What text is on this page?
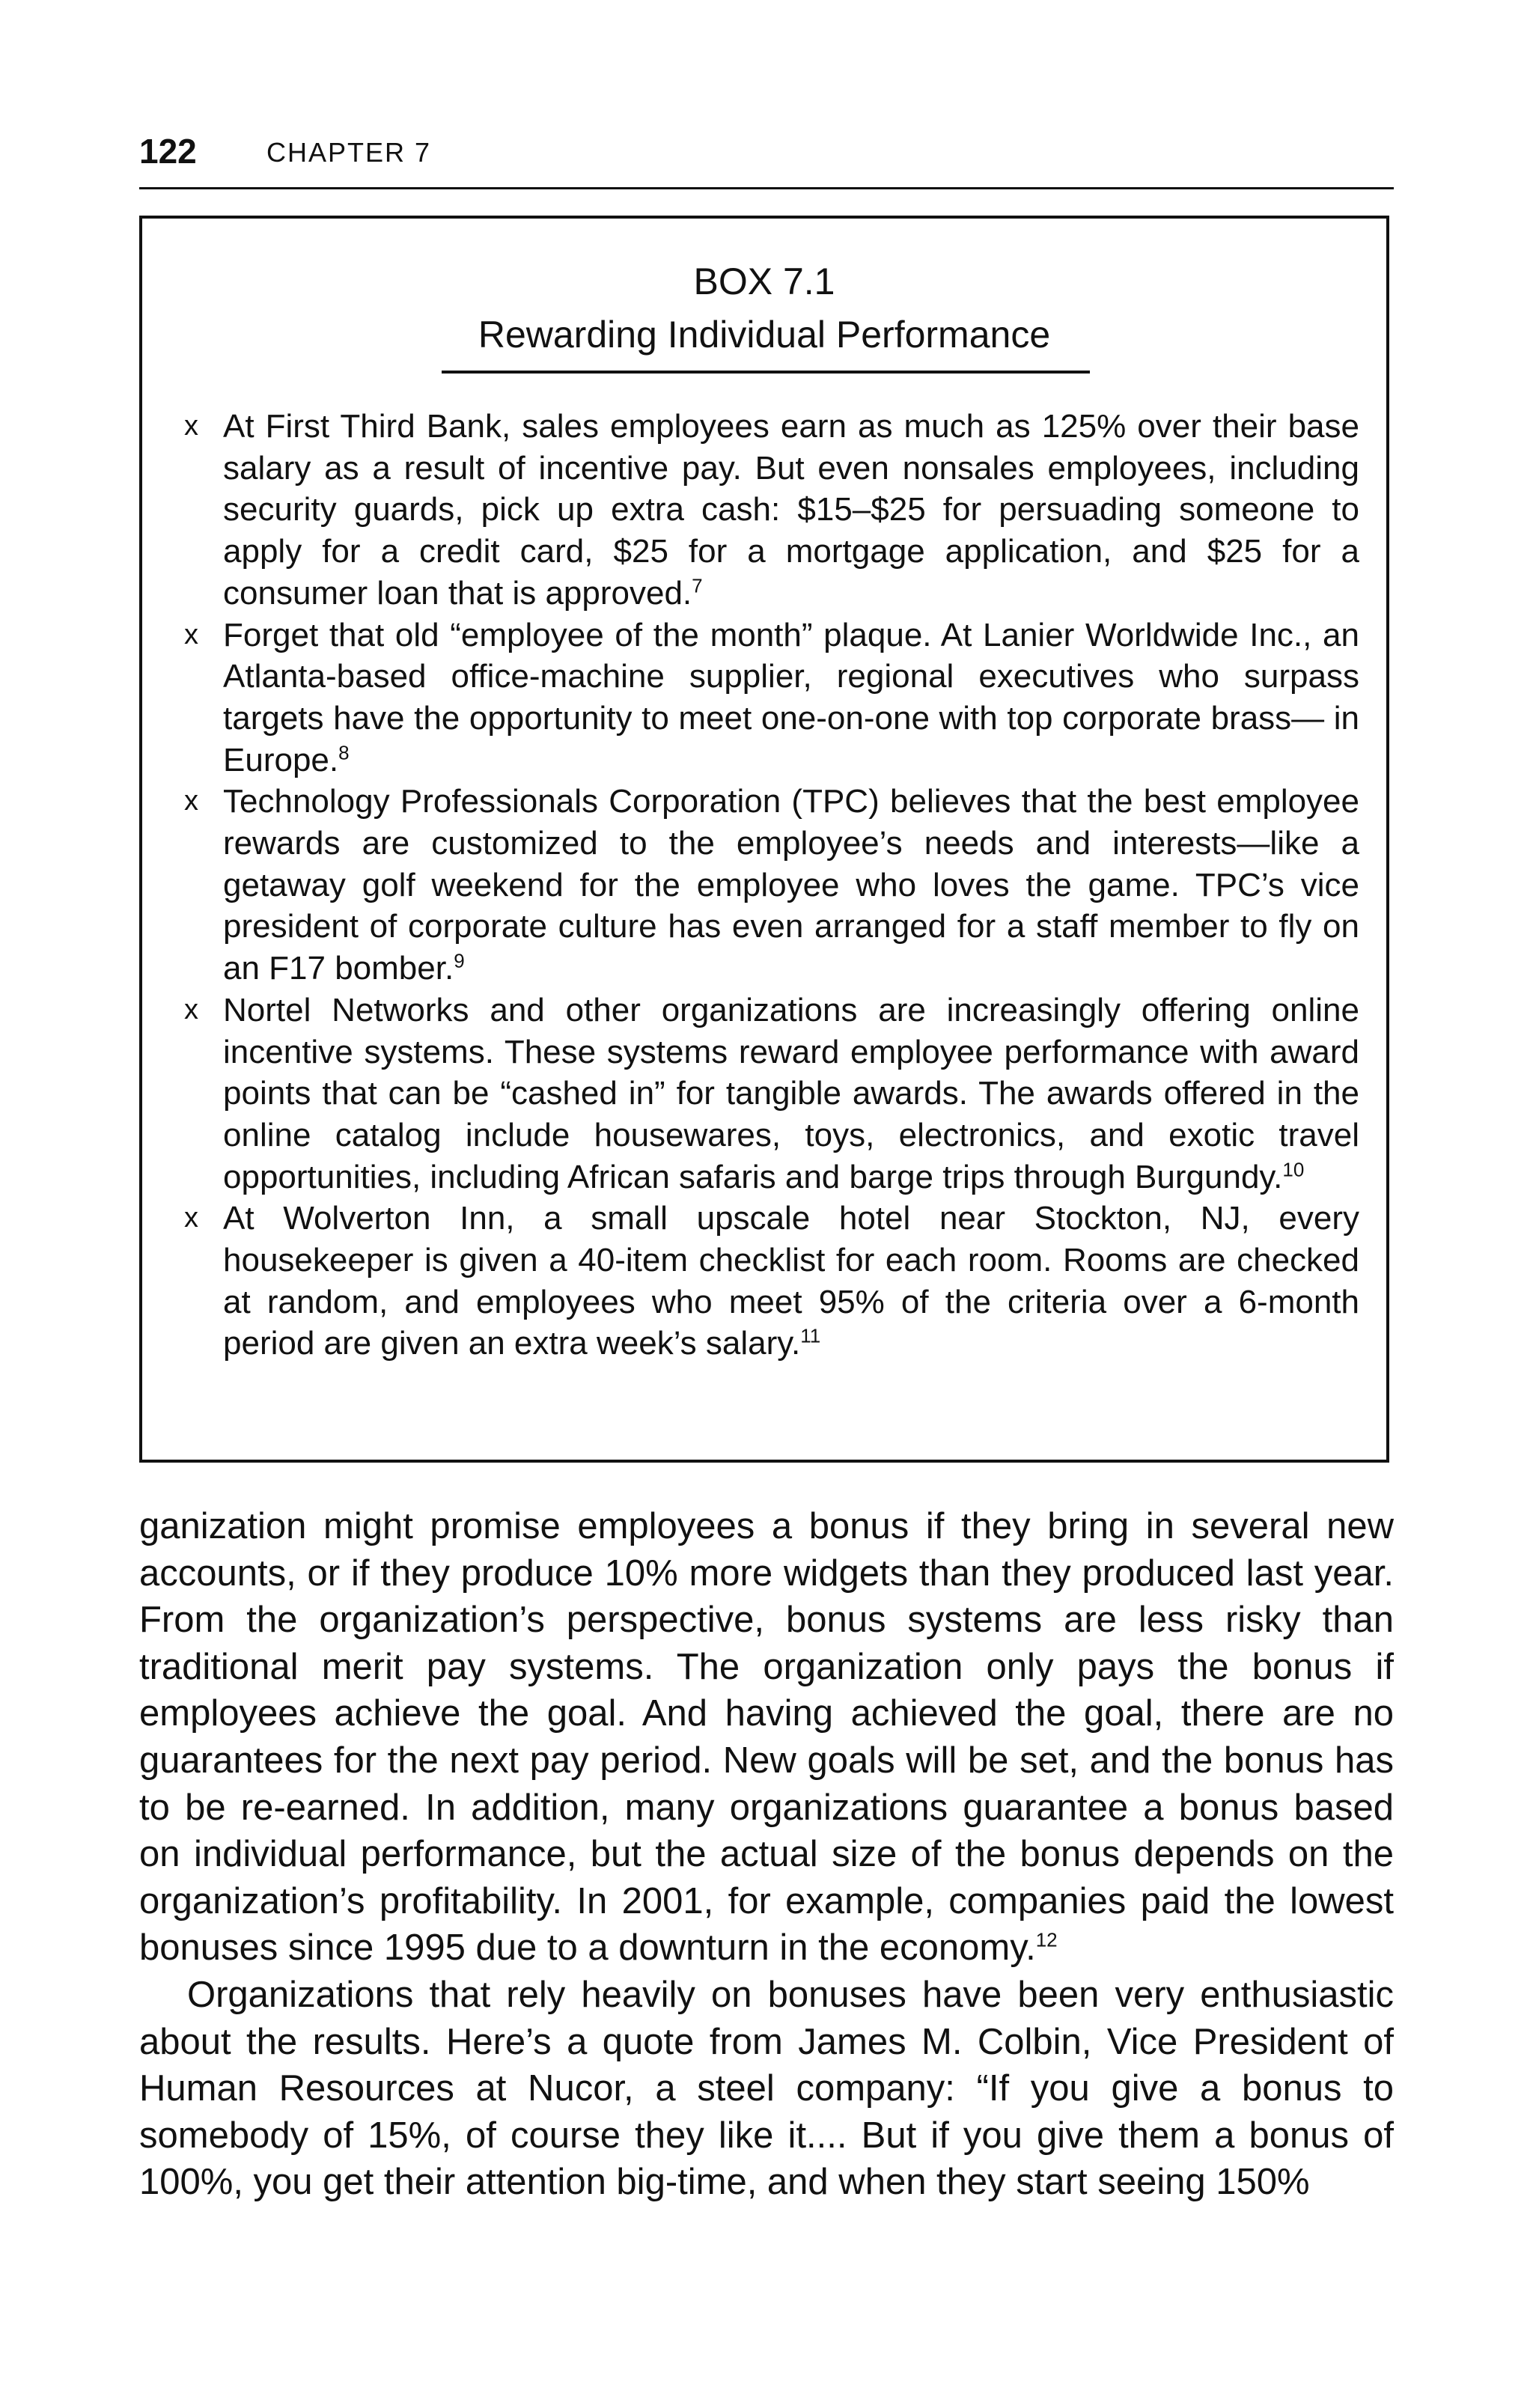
122	CHAPTER 7
BOX 7.1
Rewarding Individual Performance
x At First Third Bank, sales employees earn as much as 125% over their base salary as a result of incentive pay. But even nonsales employees, including security guards, pick up extra cash: $15–$25 for persuading someone to apply for a credit card, $25 for a mortgage application, and $25 for a consumer loan that is approved.$^7$
x Forget that old “employee of the month” plaque. At Lanier Worldwide Inc., an Atlanta-based office-machine supplier, regional executives who surpass targets have the opportunity to meet one-on-one with top corporate brass— in Europe.$^8$
x Technology Professionals Corporation (TPC) believes that the best employee rewards are customized to the employee’s needs and interests—like a getaway golf weekend for the employee who loves the game. TPC’s vice president of corporate culture has even arranged for a staff member to fly on an F17 bomber.$^9$
x Nortel Networks and other organizations are increasingly offering online incentive systems. These systems reward employee performance with award points that can be “cashed in” for tangible awards. The awards offered in the online catalog include housewares, toys, electronics, and exotic travel opportunities, including African safaris and barge trips through Burgundy.$^{10}$
x At Wolverton Inn, a small upscale hotel near Stockton, NJ, every housekeeper is given a 40-item checklist for each room. Rooms are checked at random, and employees who meet 95% of the criteria over a 6-month period are given an extra week’s salary.$^{11}$

ganization might promise employees a bonus if they bring in several new accounts, or if they produce 10% more widgets than they produced last year. From the organization’s perspective, bonus systems are less risky than traditional merit pay systems. The organization only pays the bonus if employees achieve the goal. And having achieved the goal, there are no guarantees for the next pay period. New goals will be set, and the bonus has to be re-earned. In addition, many organizations guarantee a bonus based on individual performance, but the actual size of the bonus depends on the organization’s profitability. In 2001, for example, companies paid the lowest bonuses since 1995 due to a downturn in the economy.$^{12}$

Organizations that rely heavily on bonuses have been very enthusiastic about the results. Here’s a quote from James M. Colbin, Vice President of Human Resources at Nucor, a steel company: “If you give a bonus to somebody of 15%, of course they like it.... But if you give them a bonus of 100%, you get their attention big-time, and when they start seeing 150%
